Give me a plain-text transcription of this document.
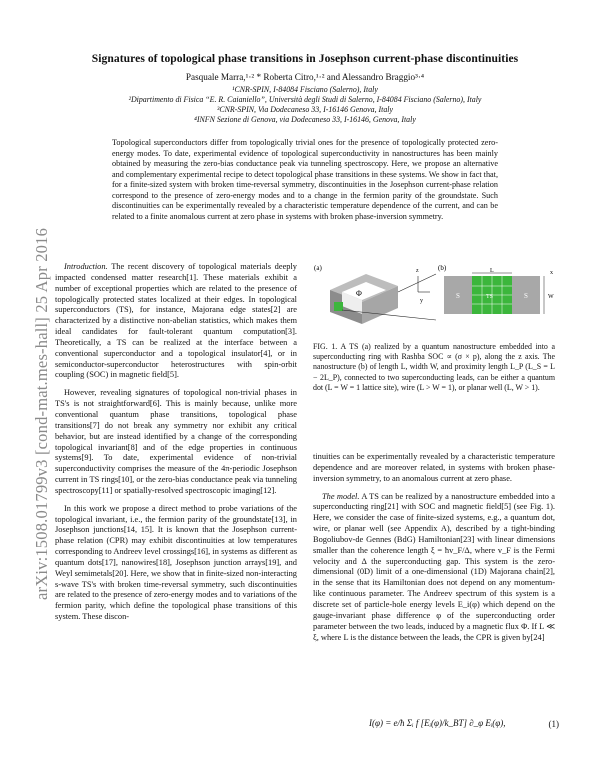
arXiv:1508.01799v3 [cond-mat.mes-hall] 25 Apr 2016
Signatures of topological phase transitions in Josephson current-phase discontinuities
Pasquale Marra,¹·² * Roberta Citro,¹·² and Alessandro Braggio³·⁴
¹CNR-SPIN, I-84084 Fisciano (Salerno), Italy
²Dipartimento di Fisica “E. R. Caianiello”, Università degli Studi di Salerno, I-84084 Fisciano (Salerno), Italy
³CNR-SPIN, Via Dodecaneso 33, I-16146 Genova, Italy
⁴INFN Sezione di Genova, via Dodecaneso 33, I-16146, Genova, Italy
Topological superconductors differ from topologically trivial ones for the presence of topologically protected zero-energy modes. To date, experimental evidence of topological superconductivity in nanostructures has been mainly obtained by measuring the zero-bias conductance peak via tunneling spectroscopy. Here, we propose an alternative and complementary experimental recipe to detect topological phase transitions in these systems. We show in fact that, for a finite-sized system with broken time-reversal symmetry, discontinuities in the Josephson current-phase relation correspond to the presence of zero-energy modes and to a change in the fermion parity of the groundstate. Such discontinuities can be experimentally revealed by a characteristic temperature dependence of the current, and can be related to a finite anomalous current at zero phase in systems with broken phase-inversion symmetry.

Introduction. The recent discovery of topological materials deeply impacted condensed matter research[1]. These materials exhibit a number of exceptional properties which are related to the presence of topologically protected states localized at their edges. In topological superconductors (TS), for instance, Majorana edge states[2] are characterized by a distinctive non-abelian statistics, which makes them ideal candidates for fault-tolerant quantum computation[3]. Theoretically, a TS can be realized at the interface between a conventional superconductor and a topological insulator[4], or in semiconductor-superconductor heterostructures with spin-orbit coupling (SOC) in magnetic field[5].

However, revealing signatures of topological non-trivial phases in TS's is not straightforward[6]. This is mainly because, unlike more conventional quantum phase transitions, topological phase transitions[7] do not break any symmetry nor exhibit any critical behavior, but are instead identified by a change of the corresponding topological invariant[8] and of the edge properties in continuous systems[9]. To date, experimental evidence of non-trivial superconductivity comprises the measure of the 4π-periodic Josephson current in TS rings[10], or the zero-bias conductance peak via tunneling spectroscopy[11] or spatially-resolved spectroscopic imaging[12].

In this work we propose a direct method to probe variations of the topological invariant, i.e., the fermion parity of the groundstate[13], in Josephson junctions[14, 15]. It is known that the Josephson current-phase relation (CPR) may exhibit discontinuities at low temperatures corresponding to Andreev level crossings[16], in systems as different as quantum dots[17], nanowires[18], Josephson junction arrays[19], and Weyl semimetals[20]. Here, we show that in finite-sized non-interacting s-wave TS's with broken time-reversal symmetry, such discontinuities are related to the presence of zero-energy modes and to variations of the fermion parity, which define the topological phase transitions of this system. These discon-

(a)
Φ
z
y
(b)
S	TS	S
L
W
x
FIG. 1. A TS (a) realized by a quantum nanostructure embedded into a superconducting ring with Rashba SOC ∝ (σ × p), along the z axis. The nanostructure (b) of length L, width W, and proximity length L_P (L_S = L − 2L_P), connected to two superconducting leads, can be either a quantum dot (L = W = 1 lattice site), wire (L > W = 1), or planar well (L, W > 1).

tinuities can be experimentally revealed by a characteristic temperature dependence and are moreover related, in systems with broken phase-inversion symmetry, to an anomalous current at zero phase.

The model. A TS can be realized by a nanostructure embedded into a superconducting ring[21] with SOC and magnetic field[5] (see Fig. 1). Here, we consider the case of finite-sized systems, e.g., a quantum dot, wire, or planar well (see Appendix A), described by a tight-binding Bogoliubov-de Gennes (BdG) Hamiltonian[23] with linear dimensions smaller than the coherence length ξ = ħv_F/Δ, where v_F is the Fermi velocity and Δ the superconducting gap. This system is the zero-dimensional (0D) limit of a one-dimensional (1D) Majorana chain[2], in the sense that its Hamiltonian does not depend on any momentum-like continuous parameter. The Andreev spectrum of this system is a discrete set of particle-hole energy levels E_i(φ) which depend on the gauge-invariant phase difference φ of the superconducting order parameter between the two leads, induced by a magnetic flux Φ. If L ≪ ξ, where L is the distance between the leads, the CPR is given by[24]

I(φ) = e/ħ Σᵢ f [Eᵢ(φ)/k_BT] ∂_φ Eᵢ(φ),	(1)
